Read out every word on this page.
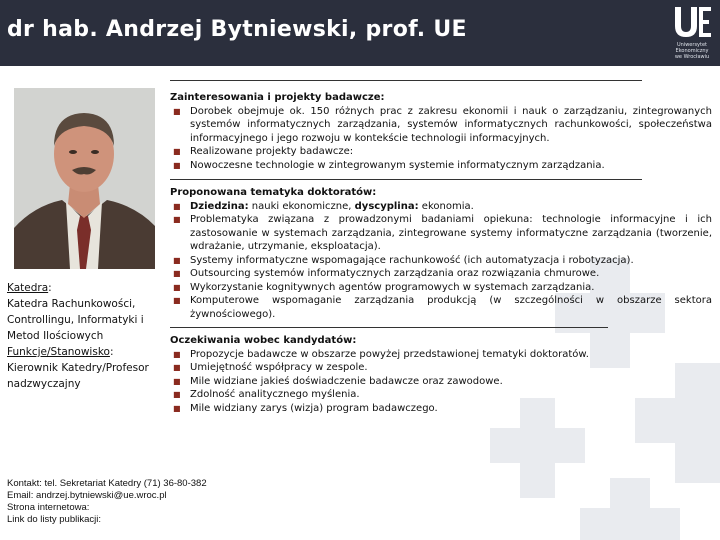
dr hab. Andrzej Bytniewski, prof. UE
Uniwersytet
Ekonomiczny
we Wrocławiu
Katedra:
Katedra Rachunkowości, Controllingu, Informatyki i Metod Ilościowych
Funkcje/Stanowisko:
Kierownik Katedry/Profesor nadzwyczajny
Zainteresowania i projekty badawcze:
■ Dorobek obejmuje ok. 150 różnych prac z zakresu ekonomii i nauk o zarządzaniu, zintegrowanych systemów informatycznych zarządzania, systemów informatycznych rachunkowości, społeczeństwa informacyjnego i jego rozwoju w kontekście technologii informacyjnych.
■ Realizowane projekty badawcze:
■ Nowoczesne technologie w zintegrowanym systemie informatycznym zarządzania.
Proponowana tematyka doktoratów:
■ Dziedzina: nauki ekonomiczne, dyscyplina: ekonomia.
■ Problematyka związana z prowadzonymi badaniami opiekuna: technologie informacyjne i ich zastosowanie w systemach zarządzania, zintegrowane systemy informatyczne zarządzania (tworzenie, wdrażanie, utrzymanie, eksploatacja).
■ Systemy informatyczne wspomagające rachunkowość (ich automatyzacja i robotyzacja).
■ Outsourcing systemów informatycznych zarządzania oraz rozwiązania chmurowe.
■ Wykorzystanie kognitywnych agentów programowych w systemach zarządzania.
■ Komputerowe wspomaganie zarządzania produkcją (w szczególności w obszarze sektora żywnościowego).
Oczekiwania wobec kandydatów:
■ Propozycje badawcze w obszarze powyżej przedstawionej tematyki doktoratów.
■ Umiejętność współpracy w zespole.
■ Mile widziane jakieś doświadczenie badawcze oraz zawodowe.
■ Zdolność analitycznego myślenia.
■ Mile widziany zarys (wizja) program badawczego.
Kontakt: tel. Sekretariat Katedry (71) 36-80-382
Email: andrzej.bytniewski@ue.wroc.pl
Strona internetowa:
Link do listy publikacji:
